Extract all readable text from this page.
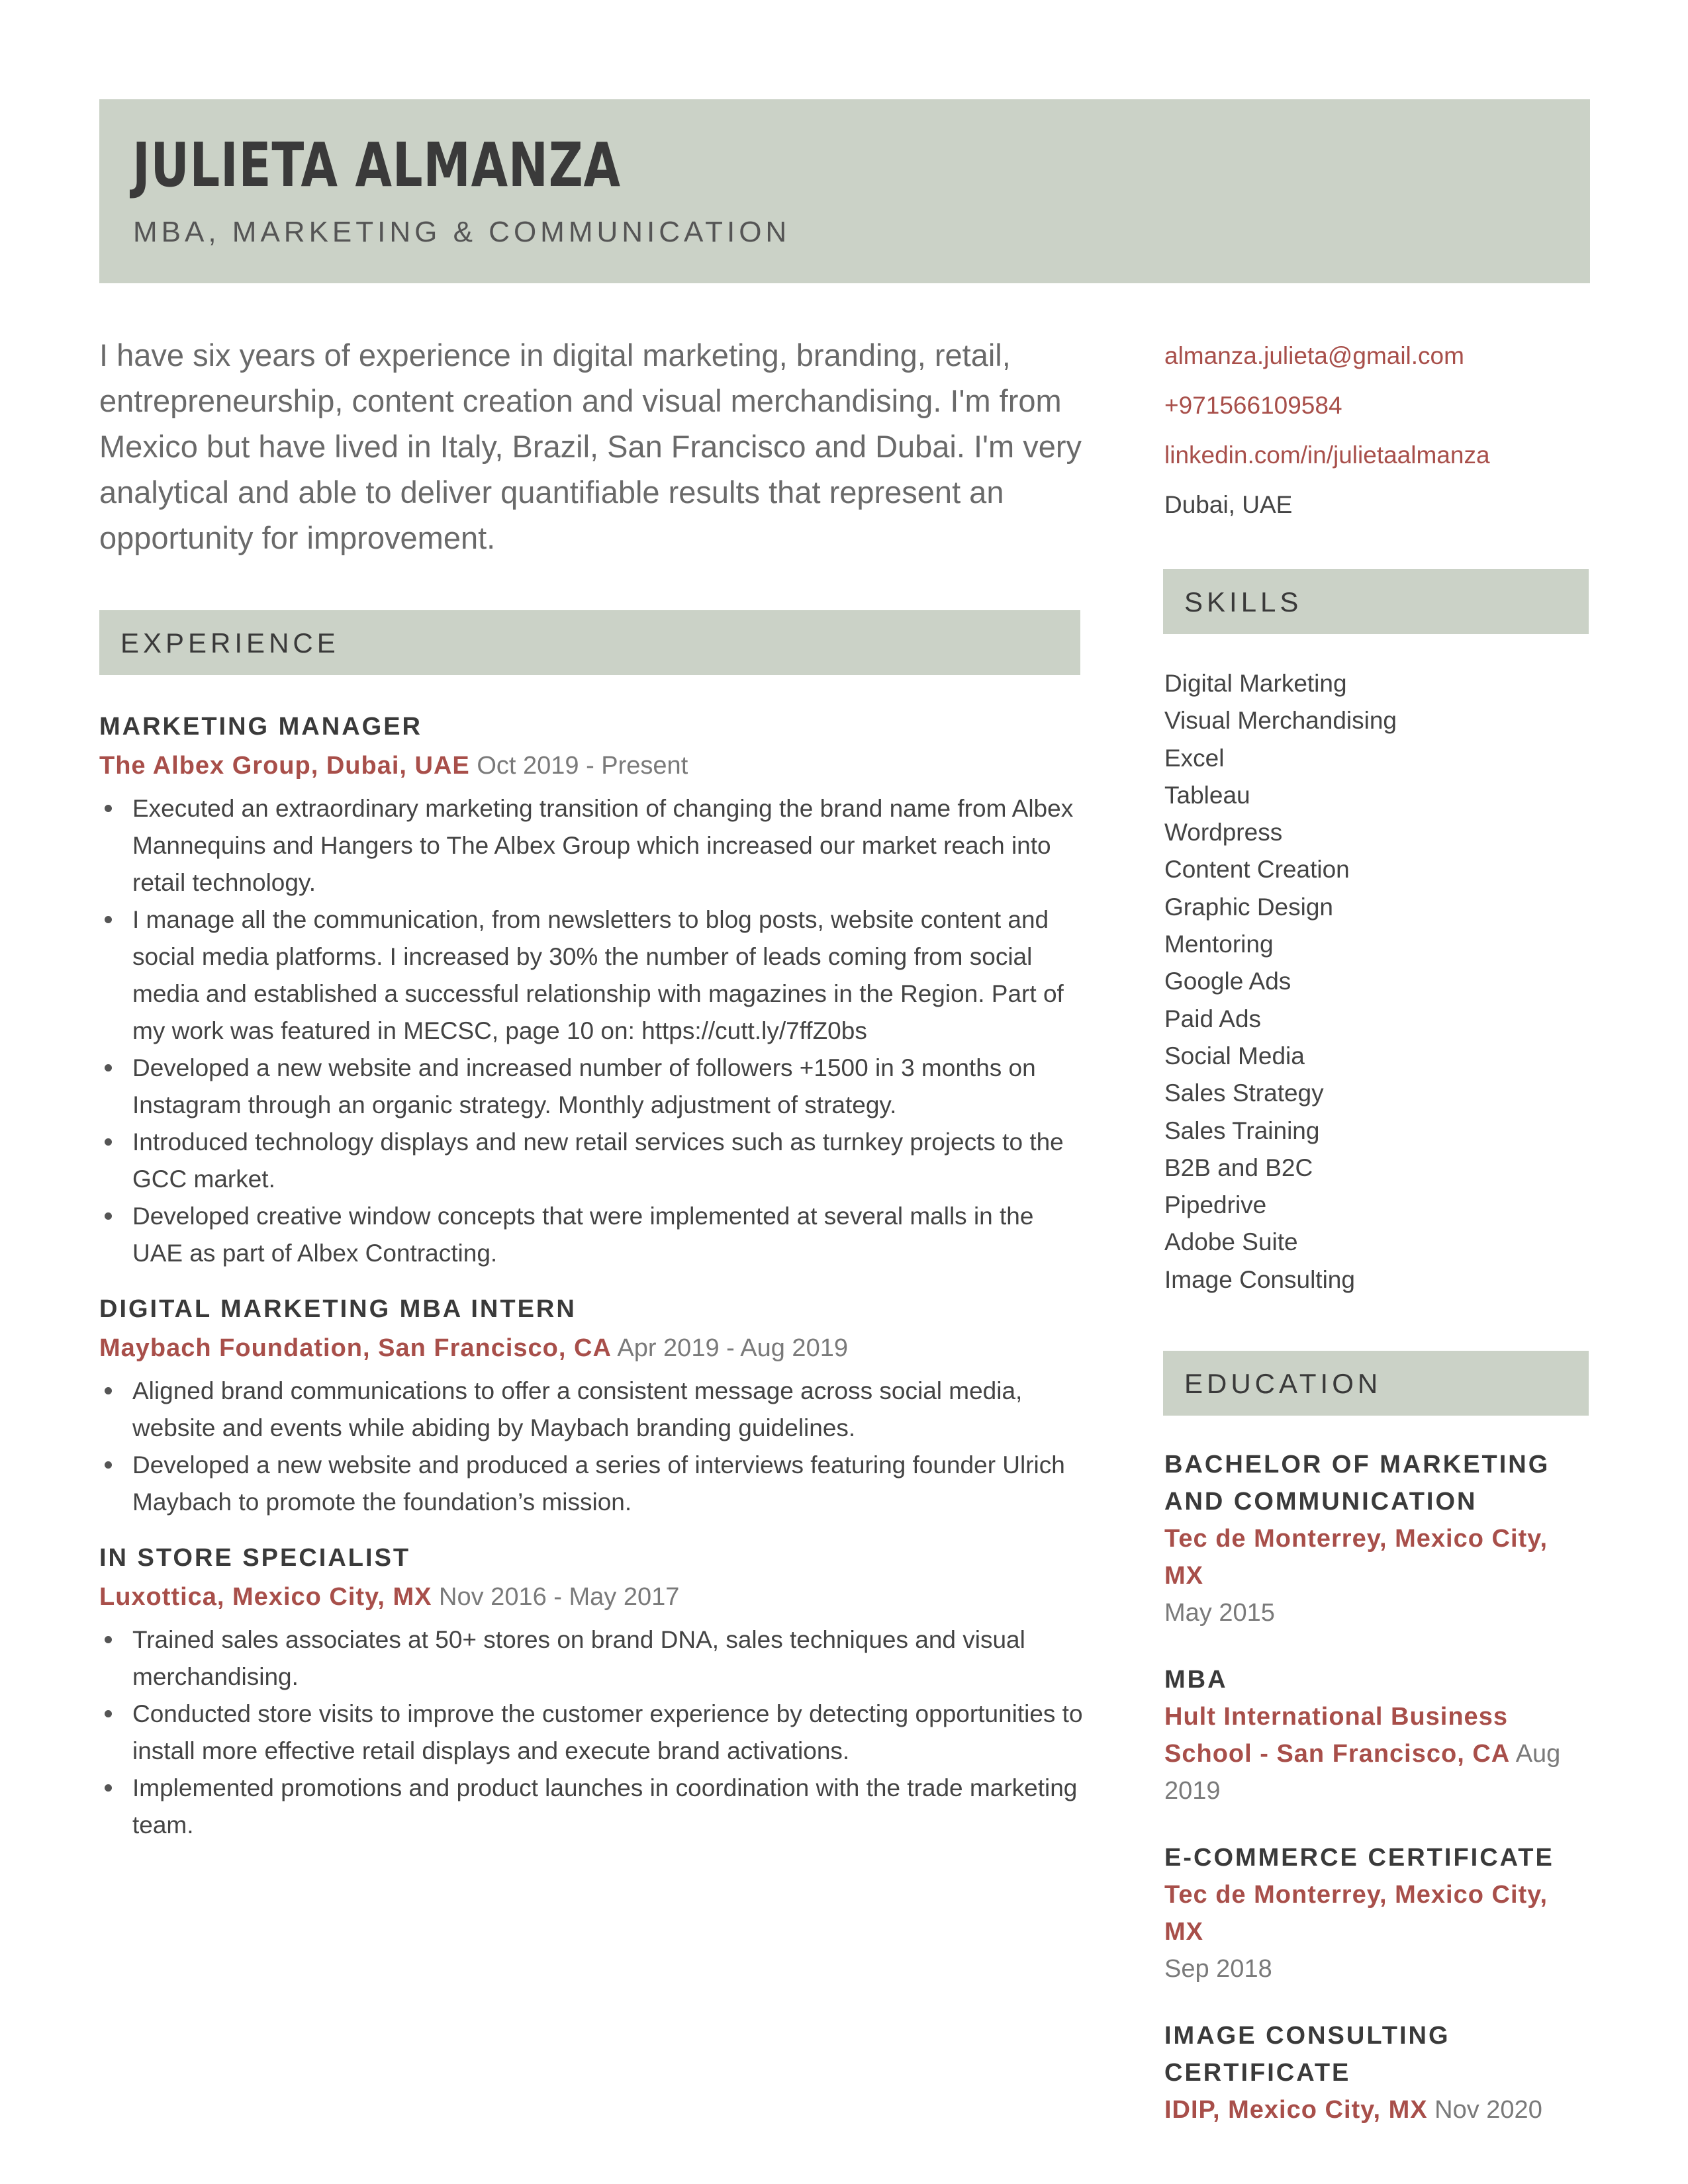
JULIETA ALMANZA
MBA, MARKETING & COMMUNICATION
I have six years of experience in digital marketing, branding, retail, entrepreneurship, content creation and visual merchandising. I'm from Mexico but have lived in Italy, Brazil, San Francisco and Dubai. I'm very analytical and able to deliver quantifiable results that represent an opportunity for improvement.
almanza.julieta@gmail.com
+971566109584
linkedin.com/in/julietaalmanza
Dubai, UAE
EXPERIENCE
SKILLS
EDUCATION
MARKETING MANAGER
The Albex Group, Dubai, UAE Oct 2019 - Present
Executed an extraordinary marketing transition of changing the brand name from Albex Mannequins and Hangers to The Albex Group which increased our market reach into retail technology.
I manage all the communication, from newsletters to blog posts, website content and social media platforms. I increased by 30% the number of leads coming from social media and established a successful relationship with magazines in the Region. Part of my work was featured in MECSC, page 10 on: https://cutt.ly/7ffZ0bs
Developed a new website and increased number of followers +1500 in 3 months on Instagram through an organic strategy. Monthly adjustment of strategy.
Introduced technology displays and new retail services such as turnkey projects to the GCC market.
Developed creative window concepts that were implemented at several malls in the UAE as part of Albex Contracting.
DIGITAL MARKETING MBA INTERN
Maybach Foundation, San Francisco, CA Apr 2019 - Aug 2019
Aligned brand communications to offer a consistent message across social media, website and events while abiding by Maybach branding guidelines.
Developed a new website and produced a series of interviews featuring founder Ulrich Maybach to promote the foundation’s mission.
IN STORE SPECIALIST
Luxottica, Mexico City, MX Nov 2016 - May 2017
Trained sales associates at 50+ stores on brand DNA, sales techniques and visual merchandising.
Conducted store visits to improve the customer experience by detecting opportunities to install more effective retail displays and execute brand activations.
Implemented promotions and product launches in coordination with the trade marketing team.
Digital Marketing
Visual Merchandising
Excel
Tableau
Wordpress
Content Creation
Graphic Design
Mentoring
Google Ads
Paid Ads
Social Media
Sales Strategy
Sales Training
B2B and B2C
Pipedrive
Adobe Suite
Image Consulting
BACHELOR OF MARKETING AND COMMUNICATION
Tec de Monterrey, Mexico City, MX
May 2015
MBA
Hult International Business School - San Francisco, CA Aug 2019
E-COMMERCE CERTIFICATE
Tec de Monterrey, Mexico City, MX
Sep 2018
IMAGE CONSULTING CERTIFICATE
IDIP, Mexico City, MX Nov 2020
